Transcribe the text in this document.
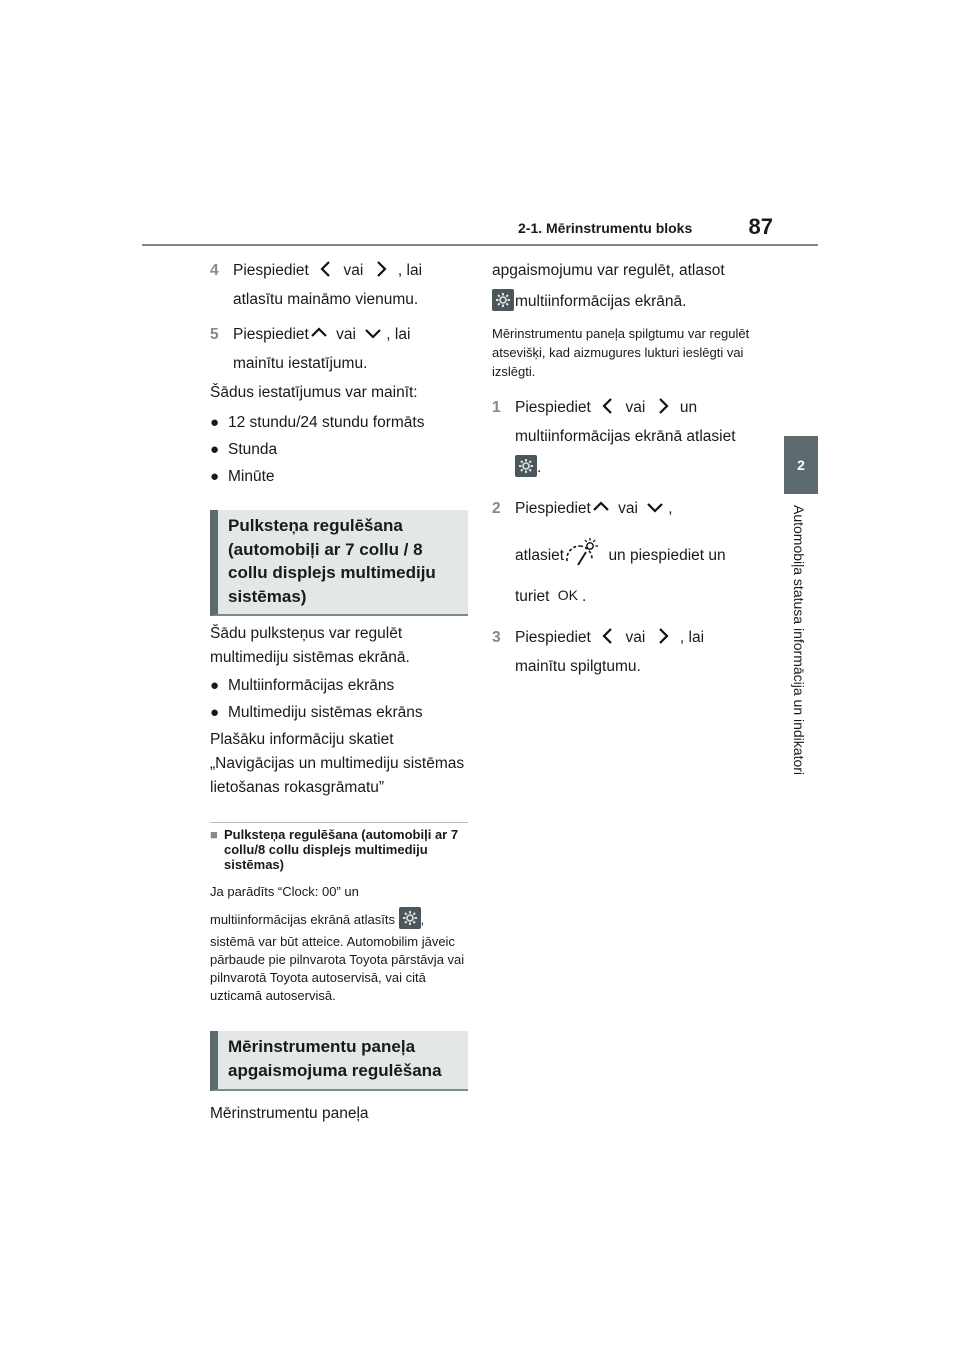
2-1. Mērinstrumentu bloks	87
2
Automobiļa statusa informācija un indikatori
4 Piespiediet vai , lai
atlasītu maināmo vienumu.
5 Piespiediet vai , lai
mainītu iestatījumu.
Šādus iestatījumus var mainīt:
● 12 stundu/24 stundu formāts
● Stunda
● Minūte
Pulksteņa regulēšana (automobiļi ar 7 collu / 8 collu displejs multimediju sistēmas)
Šādu pulksteņus var regulēt multimediju sistēmas ekrānā.
● Multiinformācijas ekrāns
● Multimediju sistēmas ekrāns
Plašāku informāciju skatiet „Navigācijas un multimediju sistēmas lietošanas rokasgrāmatu”
■ Pulksteņa regulēšana (automobiļi ar 7 collu/8 collu displejs multimediju sistēmas)
Ja parādīts “Clock: 00” un
multiinformācijas ekrānā atlasīts ,
sistēmā var būt atteice. Automobilim jāveic pārbaude pie pilnvarota Toyota pārstāvja vai pilnvarotā Toyota autoservisā, vai citā uzticamā autoservisā.
Mērinstrumentu paneļa apgaismojuma regulēšana
Mērinstrumentu paneļa
apgaismojumu var regulēt, atlasot
multiinformācijas ekrānā.
Mērinstrumentu paneļa spilgtumu var regulēt atsevišķi, kad aizmugures lukturi ieslēgti vai izslēgti.
1 Piespiediet vai un
multiinformācijas ekrānā atlasiet
.
2 Piespiediet vai ,
atlasiet	un piespiediet un
turiet OK .
3 Piespiediet vai , lai
mainītu spilgtumu.
